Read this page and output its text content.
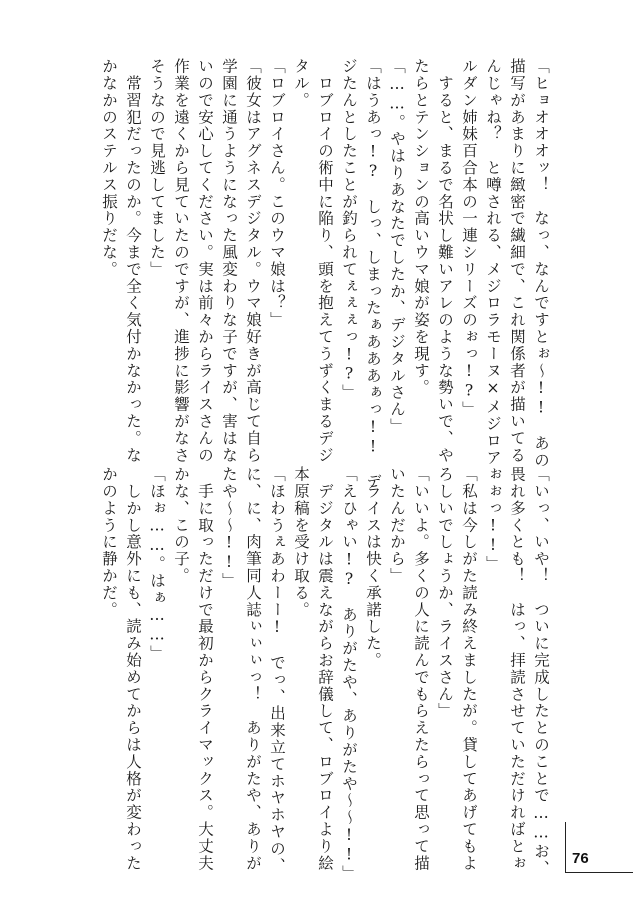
「ヒョオオオッ！　なっ、なんですとぉ〜!!　あの
描写があまりに緻密で繊細で、これ関係者が描いてる
んじゃね？　と噂される、メジロラモーヌ×メジロア
ルダン姉妹百合本の一連シリーズのぉっ!?」
　すると、まるで名状し難いアレのような勢いで、や
たらとテンションの高いウマ娘が姿を現す。
「……。やはりあなたでしたか、デジタルさん」
「はうあっ!?　しっ、しまったぁあああぁっ!!　デ
ジたんとしたことが釣られてぇぇぇっ!?」
　ロブロイの術中に陥り、頭を抱えてうずくまるデジ
タル。
「ロブロイさん。このウマ娘は？」
「彼女はアグネスデジタル。ウマ娘好きが高じて自ら
学園に通うようになった風変わりな子ですが、害はな
いので安心してください。実は前々からライスさんの
作業を遠くから見ていたのですが、進捗に影響がなさ
そうなので見逃してました」
　常習犯だったのか。今まで全く気付かなかった。な
かなかのステルス振りだな。
「いっ、いや！　ついに完成したとのことで……お、
畏れ多くとも！　はっ、拝読させていただければとぉ
ぉぉっ!!」
「私は今しがた読み終えましたが。貸してあげてもよ
ろしいでしょうか、ライスさん」
「いいよ。多くの人に読んでもらえたらって思って描
いたんだから」
　ライスは快く承諾した。
「えひゃい!?　ありがたや、ありがたや〜〜!!」
　デジタルは震えながらお辞儀して、ロブロイより絵
本原稿を受け取る。
「ほわうぇあわーー!　でっ、出来立てホヤホヤの、
に、に、肉筆同人誌ぃぃぃっ！　ありがたや、ありが
たや〜〜!!」
　手に取っただけで最初からクライマックス。大丈夫
かな、この子。
「ほぉ……。はぁ……」
　しかし意外にも、読み始めてからは人格が変わった
かのように静かだ。
76
